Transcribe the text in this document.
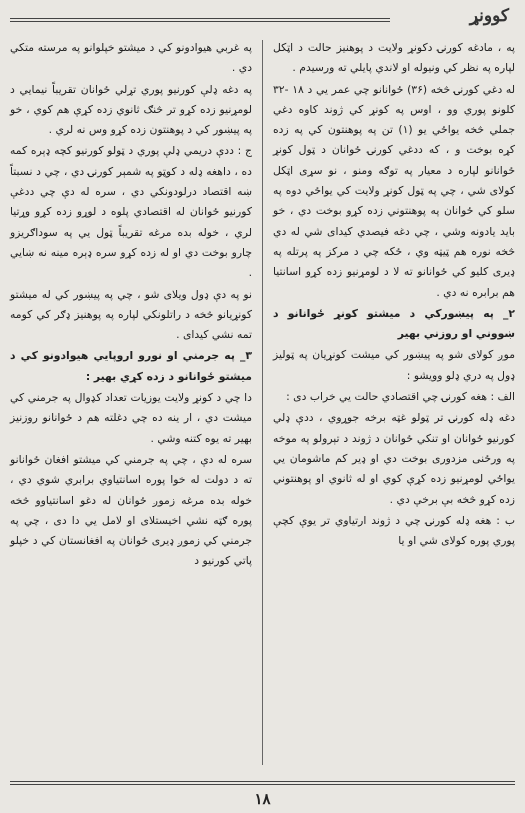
کوونړ

په ، مادغه کورنۍ دکونړ ولایت د پوهنیز حالت د اټکل لپاره په نظر کي ونیوله او لاندي پایلي ته ورسیدم .

له دغي کورنۍ څخه (۳۶) ځوانانو چي عمر یي د ۱۸ -۳۲ کلونو پوري وو ، اوس په کونړ کي ژوند کاوه دغي جملي څخه یواځي یو (۱) تن په پوهنتون کي په زده کړه بوخت و ، که ددغي کورنۍ ځوانان د ټول کونړ ځوانانو لپاره د معیار په توګه ومنو ، نو سړی اټکل کولای شي ، چي په ټول کونړ ولایت کي یواځي دوه په سلو کي ځوانان په پوهنتوني زده کړو بوخت دي ، خو باید یادونه وشي ، چي دغه فیصدي کیدای شي له دي څخه نوره هم ټیټه وي ، ځکه چي د مرکز په پرتله په ډیری کلیو کي ځوانانو ته لا د لومړنیو زده کړو اسانتیا هم برابره نه دي .

۲_ په پیښورکي د میشتو کونړ ځوانانو د ښووني او روزني بهیر

موږ کولای شو په پیښور کي میشت کونړیان په ټولیز ډول په دري ډلو وویشو :

الف : هغه کورنۍ چي اقتصادي حالت یي خراب دی :

دغه ډله کورنۍ تر ټولو غټه برخه جوړوي ، ددې ډلي کورنیو ځوانان او تنکي ځوانان د ژوند د تېرولو په موخه په ورځنی مزدوری بوخت دي او ډیر کم ماشومان یي یواځي لومړنیو زده کړې کوي او له ثانوي او پوهنتوني زده کړو څخه بې برخې دي .

ب : هغه ډله کورنۍ چي د ژوند ارتیاوي تر یوې کچې پوري پوره کولای شي او یا

په غربي هیوادونو کي د میشتو خپلوانو په مرسته متکي دي .

په دغه ډلې کورنیو پوري تړلي ځوانان تقریباً نیمایي د لومړنیو زده کړو تر څنګ ثانوي زده کړې هم کوي ، خو په پیښور کي د پوهنتون زده کړو وس نه لري .

ج : ددې دریمي ډلې پوري د ټولو کورنیو کچه ډېره کمه ده ، داهغه ډله د کوټو په شمېر کورنۍ دي ، چي د نسبتاً ښه اقتصاد درلودونکي دي ، سره له دې چي ددغې کورنیو ځوانان له اقتصادي پلوه د لوړو زده کړو وړتیا لري ، خوله بده مرغه تقریباً ټول یي په سوداګریزو چارو بوخت دي او له زده کړو سره ډېره مینه نه ښایي .

نو په دې ډول ویلای شو ، چي په پیښور کي له میشتو کونړیانو څخه د راتلونکي لپاره په پوهنیز ډګر کي کومه تمه نشي کیدای .

۳_ په جرمني او نورو اروپایي هیوادونو کي د میشتو ځوانانو د زده کړي بهیر :

دا چي د کونړ ولایت یوزیات تعداد کډوال په جرمني کي میشت دي ، ار ینه ده چي دغلته هم د ځوانانو روزنیز بهیر ته یوه کتنه وشي .

سره له دې ، چي په جرمني کي میشتو افغان ځوانانو ته د دولت له خوا پوره اسانتیاوي برابري شوي دي ، خوله بده مرغه زموږ ځوانان له دغو اسانتیاوو څخه پوره ګټه نشي اخیستلای او لامل یي دا دی ، چي په جرمني کي زموږ ډیری ځوانان په افغانستان کي د خپلو پاتي کورنیو د

۱۸
